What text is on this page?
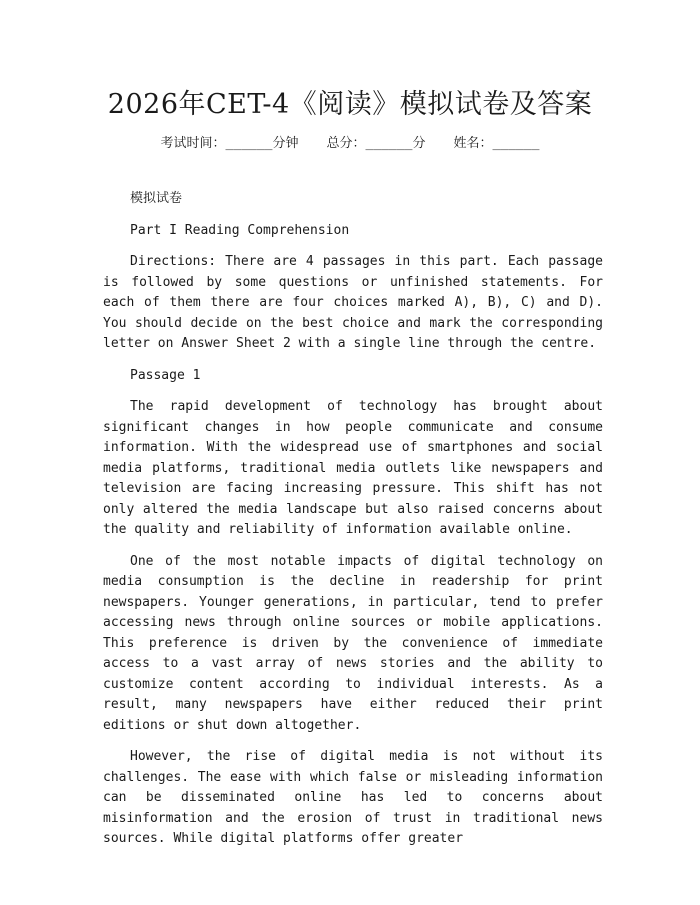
2026年CET-4《阅读》模拟试卷及答案
考试时间：______分钟 总分：______分 姓名：______

模拟试卷

Part I Reading Comprehension

Directions: There are 4 passages in this part. Each passage is followed by some questions or unfinished statements. For each of them there are four choices marked A), B), C) and D). You should decide on the best choice and mark the corresponding letter on Answer Sheet 2 with a single line through the centre.

Passage 1

The rapid development of technology has brought about significant changes in how people communicate and consume information. With the widespread use of smartphones and social media platforms, traditional media outlets like newspapers and television are facing increasing pressure. This shift has not only altered the media landscape but also raised concerns about the quality and reliability of information available online.

One of the most notable impacts of digital technology on media consumption is the decline in readership for print newspapers. Younger generations, in particular, tend to prefer accessing news through online sources or mobile applications. This preference is driven by the convenience of immediate access to a vast array of news stories and the ability to customize content according to individual interests. As a result, many newspapers have either reduced their print editions or shut down altogether.

However, the rise of digital media is not without its challenges. The ease with which false or misleading information can be disseminated online has led to concerns about misinformation and the erosion of trust in traditional news sources. While digital platforms offer greater
